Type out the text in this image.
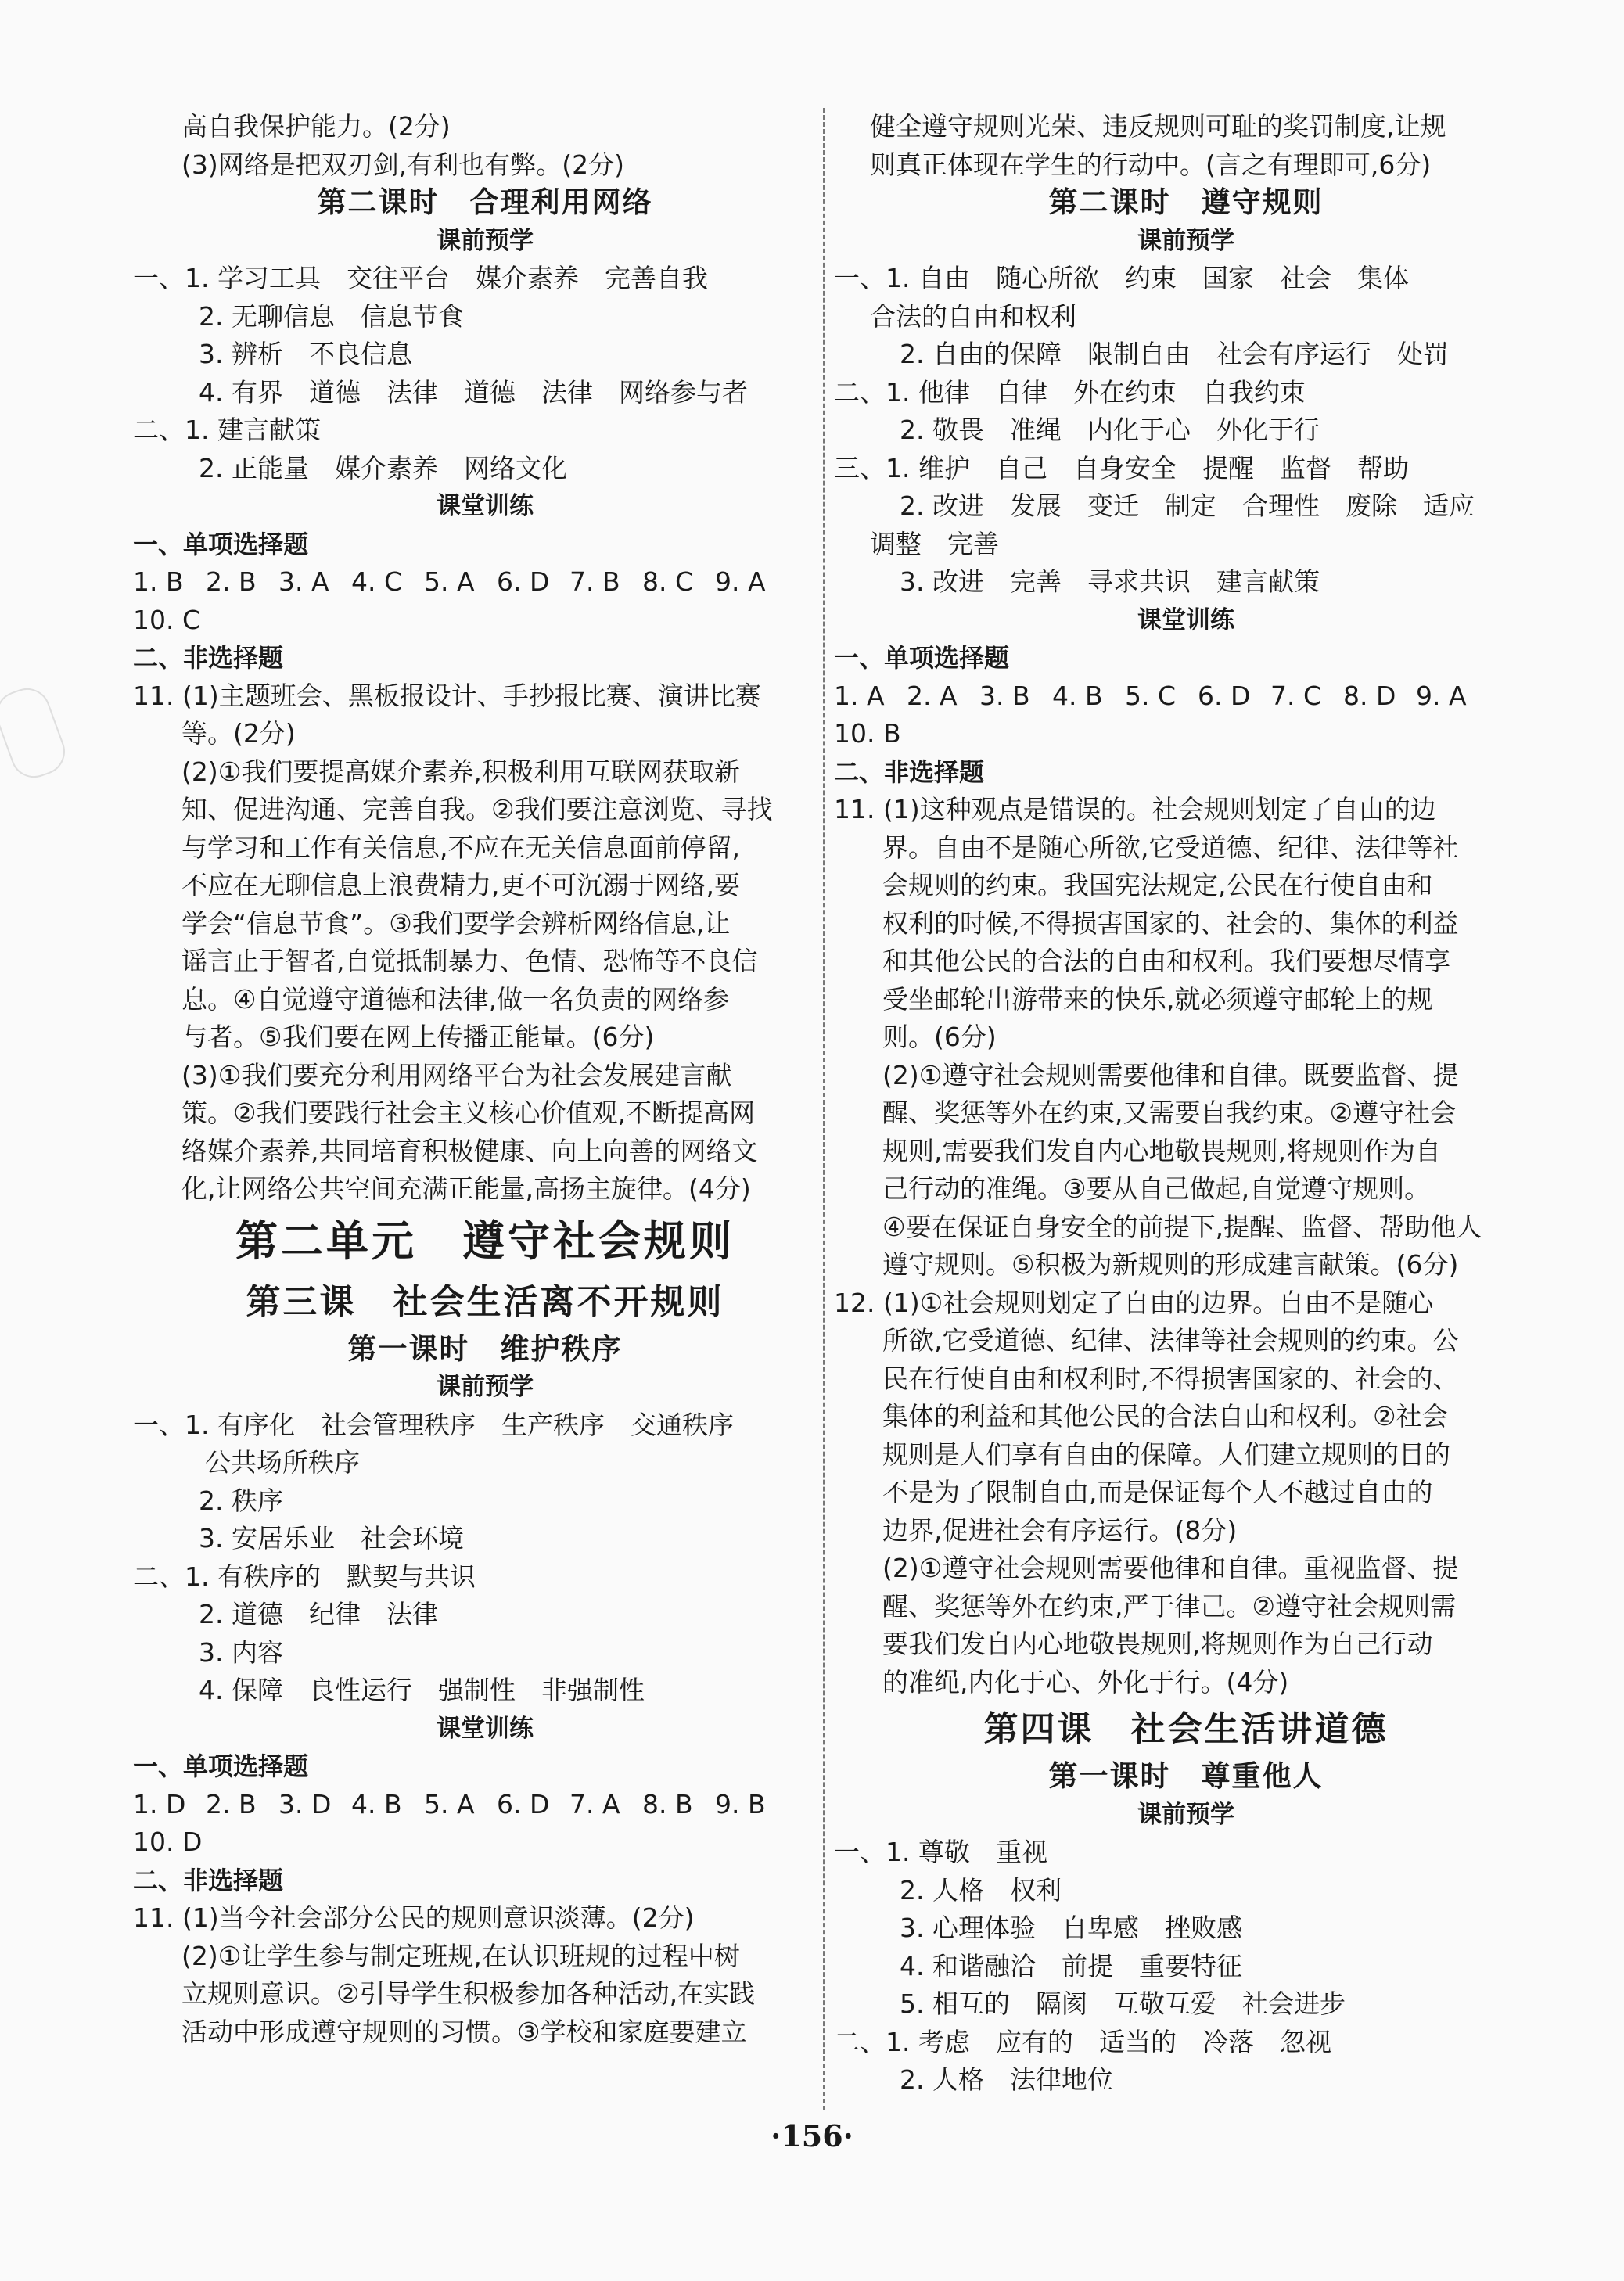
高自我保护能力。(2分)
(3)网络是把双刃剑,有利也有弊。(2分)
第二课时　合理利用网络
课前预学
一、1. 学习工具　交往平台　媒介素养　完善自我
2. 无聊信息　信息节食
3. 辨析　不良信息
4. 有界　道德　法律　道德　法律　网络参与者
二、1. 建言献策
2. 正能量　媒介素养　网络文化
课堂训练
一、单项选择题
1. B 2. B 3. A 4. C 5. A 6. D 7. B 8. C 9. A
10. C
二、非选择题
11. (1)主题班会、黑板报设计、手抄报比赛、演讲比赛
等。(2分)
(2)①我们要提高媒介素养,积极利用互联网获取新
知、促进沟通、完善自我。②我们要注意浏览、寻找
与学习和工作有关信息,不应在无关信息面前停留,
不应在无聊信息上浪费精力,更不可沉溺于网络,要
学会“信息节食”。③我们要学会辨析网络信息,让
谣言止于智者,自觉抵制暴力、色情、恐怖等不良信
息。④自觉遵守道德和法律,做一名负责的网络参
与者。⑤我们要在网上传播正能量。(6分)
(3)①我们要充分利用网络平台为社会发展建言献
策。②我们要践行社会主义核心价值观,不断提高网
络媒介素养,共同培育积极健康、向上向善的网络文
化,让网络公共空间充满正能量,高扬主旋律。(4分)
第二单元　遵守社会规则
第三课　社会生活离不开规则
第一课时　维护秩序
课前预学
一、1. 有序化　社会管理秩序　生产秩序　交通秩序
公共场所秩序
2. 秩序
3. 安居乐业　社会环境
二、1. 有秩序的　默契与共识
2. 道德　纪律　法律
3. 内容
4. 保障　良性运行　强制性　非强制性
课堂训练
一、单项选择题
1. D 2. B 3. D 4. B 5. A 6. D 7. A 8. B 9. B
10. D
二、非选择题
11. (1)当今社会部分公民的规则意识淡薄。(2分)
(2)①让学生参与制定班规,在认识班规的过程中树
立规则意识。②引导学生积极参加各种活动,在实践
活动中形成遵守规则的习惯。③学校和家庭要建立
健全遵守规则光荣、违反规则可耻的奖罚制度,让规
则真正体现在学生的行动中。(言之有理即可,6分)
第二课时　遵守规则
课前预学
一、1. 自由　随心所欲　约束　国家　社会　集体
合法的自由和权利
2. 自由的保障　限制自由　社会有序运行　处罚
二、1. 他律　自律　外在约束　自我约束
2. 敬畏　准绳　内化于心　外化于行
三、1. 维护　自己　自身安全　提醒　监督　帮助
2. 改进　发展　变迁　制定　合理性　废除　适应
调整　完善
3. 改进　完善　寻求共识　建言献策
课堂训练
一、单项选择题
1. A 2. A 3. B 4. B 5. C 6. D 7. C 8. D 9. A
10. B
二、非选择题
11. (1)这种观点是错误的。社会规则划定了自由的边
界。自由不是随心所欲,它受道德、纪律、法律等社
会规则的约束。我国宪法规定,公民在行使自由和
权利的时候,不得损害国家的、社会的、集体的利益
和其他公民的合法的自由和权利。我们要想尽情享
受坐邮轮出游带来的快乐,就必须遵守邮轮上的规
则。(6分)
(2)①遵守社会规则需要他律和自律。既要监督、提
醒、奖惩等外在约束,又需要自我约束。②遵守社会
规则,需要我们发自内心地敬畏规则,将规则作为自
己行动的准绳。③要从自己做起,自觉遵守规则。
④要在保证自身安全的前提下,提醒、监督、帮助他人
遵守规则。⑤积极为新规则的形成建言献策。(6分)
12. (1)①社会规则划定了自由的边界。自由不是随心
所欲,它受道德、纪律、法律等社会规则的约束。公
民在行使自由和权利时,不得损害国家的、社会的、
集体的利益和其他公民的合法自由和权利。②社会
规则是人们享有自由的保障。人们建立规则的目的
不是为了限制自由,而是保证每个人不越过自由的
边界,促进社会有序运行。(8分)
(2)①遵守社会规则需要他律和自律。重视监督、提
醒、奖惩等外在约束,严于律己。②遵守社会规则需
要我们发自内心地敬畏规则,将规则作为自己行动
的准绳,内化于心、外化于行。(4分)
第四课　社会生活讲道德
第一课时　尊重他人
课前预学
一、1. 尊敬　重视
2. 人格　权利
3. 心理体验　自卑感　挫败感
4. 和谐融洽　前提　重要特征
5. 相互的　隔阂　互敬互爱　社会进步
二、1. 考虑　应有的　适当的　冷落　忽视
2. 人格　法律地位
·156·
